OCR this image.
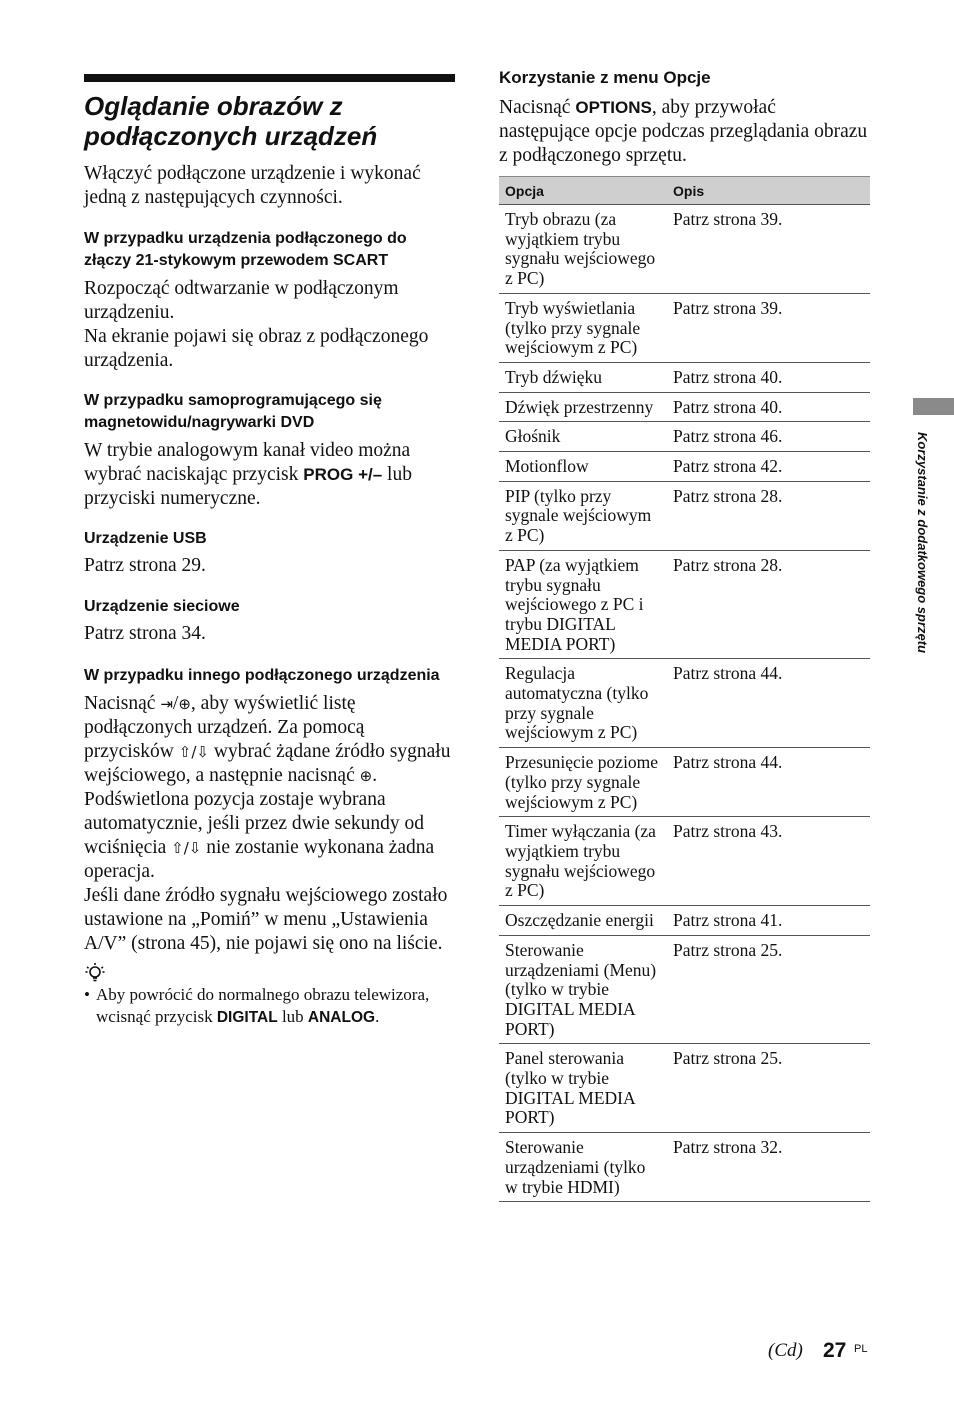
Oglądanie obrazów z podłączonych urządzeń

Włączyć podłączone urządzenie i wykonać jedną z następujących czynności.

W przypadku urządzenia podłączonego do złączy 21-stykowym przewodem SCART

Rozpocząć odtwarzanie w podłączonym urządzeniu.

Na ekranie pojawi się obraz z podłączonego urządzenia.

W przypadku samoprogramującego się magnetowidu/nagrywarki DVD

W trybie analogowym kanał video można wybrać naciskając przycisk PROG +/– lub przyciski numeryczne.

Urządzenie USB

Patrz strona 29.

Urządzenie sieciowe

Patrz strona 34.

W przypadku innego podłączonego urządzenia

Nacisnąć ⇥/⊕, aby wyświetlić listę podłączonych urządzeń. Za pomocą przycisków ⇧/⇩ wybrać żądane źródło sygnału wejściowego, a następnie nacisnąć ⊕.

Podświetlona pozycja zostaje wybrana automatycznie, jeśli przez dwie sekundy od wciśnięcia ⇧/⇩ nie zostanie wykonana żadna operacja.

Jeśli dane źródło sygnału wejściowego zostało ustawione na „Pomiń” w menu „Ustawienia A/V” (strona 45), nie pojawi się ono na liście.

• Aby powrócić do normalnego obrazu telewizora, wcisnąć przycisk DIGITAL lub ANALOG.

Korzystanie z menu Opcje

Nacisnąć OPTIONS, aby przywołać następujące opcje podczas przeglądania obrazu z podłączonego sprzętu.

Opcja	Opis
Tryb obrazu (za wyjątkiem trybu sygnału wejściowego z PC)	Patrz strona 39.
Tryb wyświetlania (tylko przy sygnale wejściowym z PC)	Patrz strona 39.
Tryb dźwięku	Patrz strona 40.
Dźwięk przestrzenny	Patrz strona 40.
Głośnik	Patrz strona 46.
Motionflow	Patrz strona 42.
PIP (tylko przy sygnale wejściowym z PC)	Patrz strona 28.
PAP (za wyjątkiem trybu sygnału wejściowego z PC i trybu DIGITAL MEDIA PORT)	Patrz strona 28.
Regulacja automatyczna (tylko przy sygnale wejściowym z PC)	Patrz strona 44.
Przesunięcie poziome (tylko przy sygnale wejściowym z PC)	Patrz strona 44.
Timer wyłączania (za wyjątkiem trybu sygnału wejściowego z PC)	Patrz strona 43.
Oszczędzanie energii	Patrz strona 41.
Sterowanie urządzeniami (Menu) (tylko w trybie DIGITAL MEDIA PORT)	Patrz strona 25.
Panel sterowania (tylko w trybie DIGITAL MEDIA PORT)	Patrz strona 25.
Sterowanie urządzeniami (tylko w trybie HDMI)	Patrz strona 32.
Korzystanie z dodatkowego sprzętu
(Cd) 27 PL
